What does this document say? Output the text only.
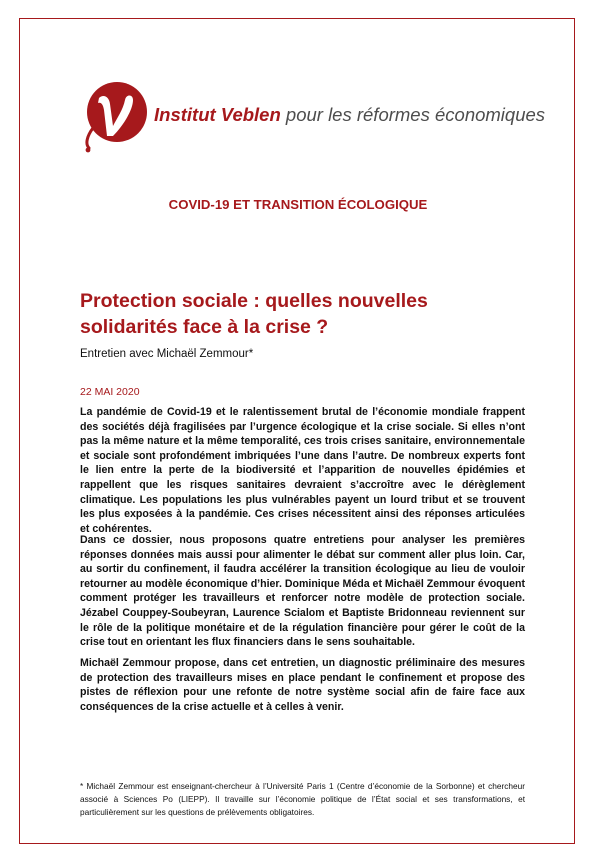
Institut Veblen pour les réformes économiques
COVID-19 ET TRANSITION ÉCOLOGIQUE
Protection sociale : quelles nouvelles solidarités face à la crise ?
Entretien avec Michaël Zemmour*
22 MAI 2020
La pandémie de Covid-19 et le ralentissement brutal de l’économie mondiale frappent des sociétés déjà fragilisées par l’urgence écologique et la crise sociale. Si elles n’ont pas la même nature et la même temporalité, ces trois crises sanitaire, environnementale et sociale sont profondément imbriquées l’une dans l’autre. De nombreux experts font le lien entre la perte de la biodiversité et l’apparition de nouvelles épidémies et rappellent que les risques sanitaires devraient s’accroître avec le dérèglement climatique. Les populations les plus vulnérables payent un lourd tribut et se trouvent les plus exposées à la pandémie. Ces crises nécessitent ainsi des réponses articulées et cohérentes.
Dans ce dossier, nous proposons quatre entretiens pour analyser les premières réponses données mais aussi pour alimenter le débat sur comment aller plus loin. Car, au sortir du confinement, il faudra accélérer la transition écologique au lieu de vouloir retourner au modèle économique d’hier. Dominique Méda et Michaël Zemmour évoquent comment protéger les travailleurs et renforcer notre modèle de protection sociale. Jézabel Couppey-Soubeyran, Laurence Scialom et Baptiste Bridonneau reviennent sur le rôle de la politique monétaire et de la régulation financière pour gérer le coût de la crise tout en orientant les flux financiers dans le sens souhaitable.
Michaël Zemmour propose, dans cet entretien, un diagnostic préliminaire des mesures de protection des travailleurs mises en place pendant le confinement et propose des pistes de réflexion pour une refonte de notre système social afin de faire face aux conséquences de la crise actuelle et à celles à venir.
* Michaël Zemmour est enseignant-chercheur à l’Université Paris 1 (Centre d’économie de la Sorbonne) et chercheur associé à Sciences Po (LIEPP). Il travaille sur l’économie politique de l’État social et ses transformations, et particulièrement sur les questions de prélèvements obligatoires.
